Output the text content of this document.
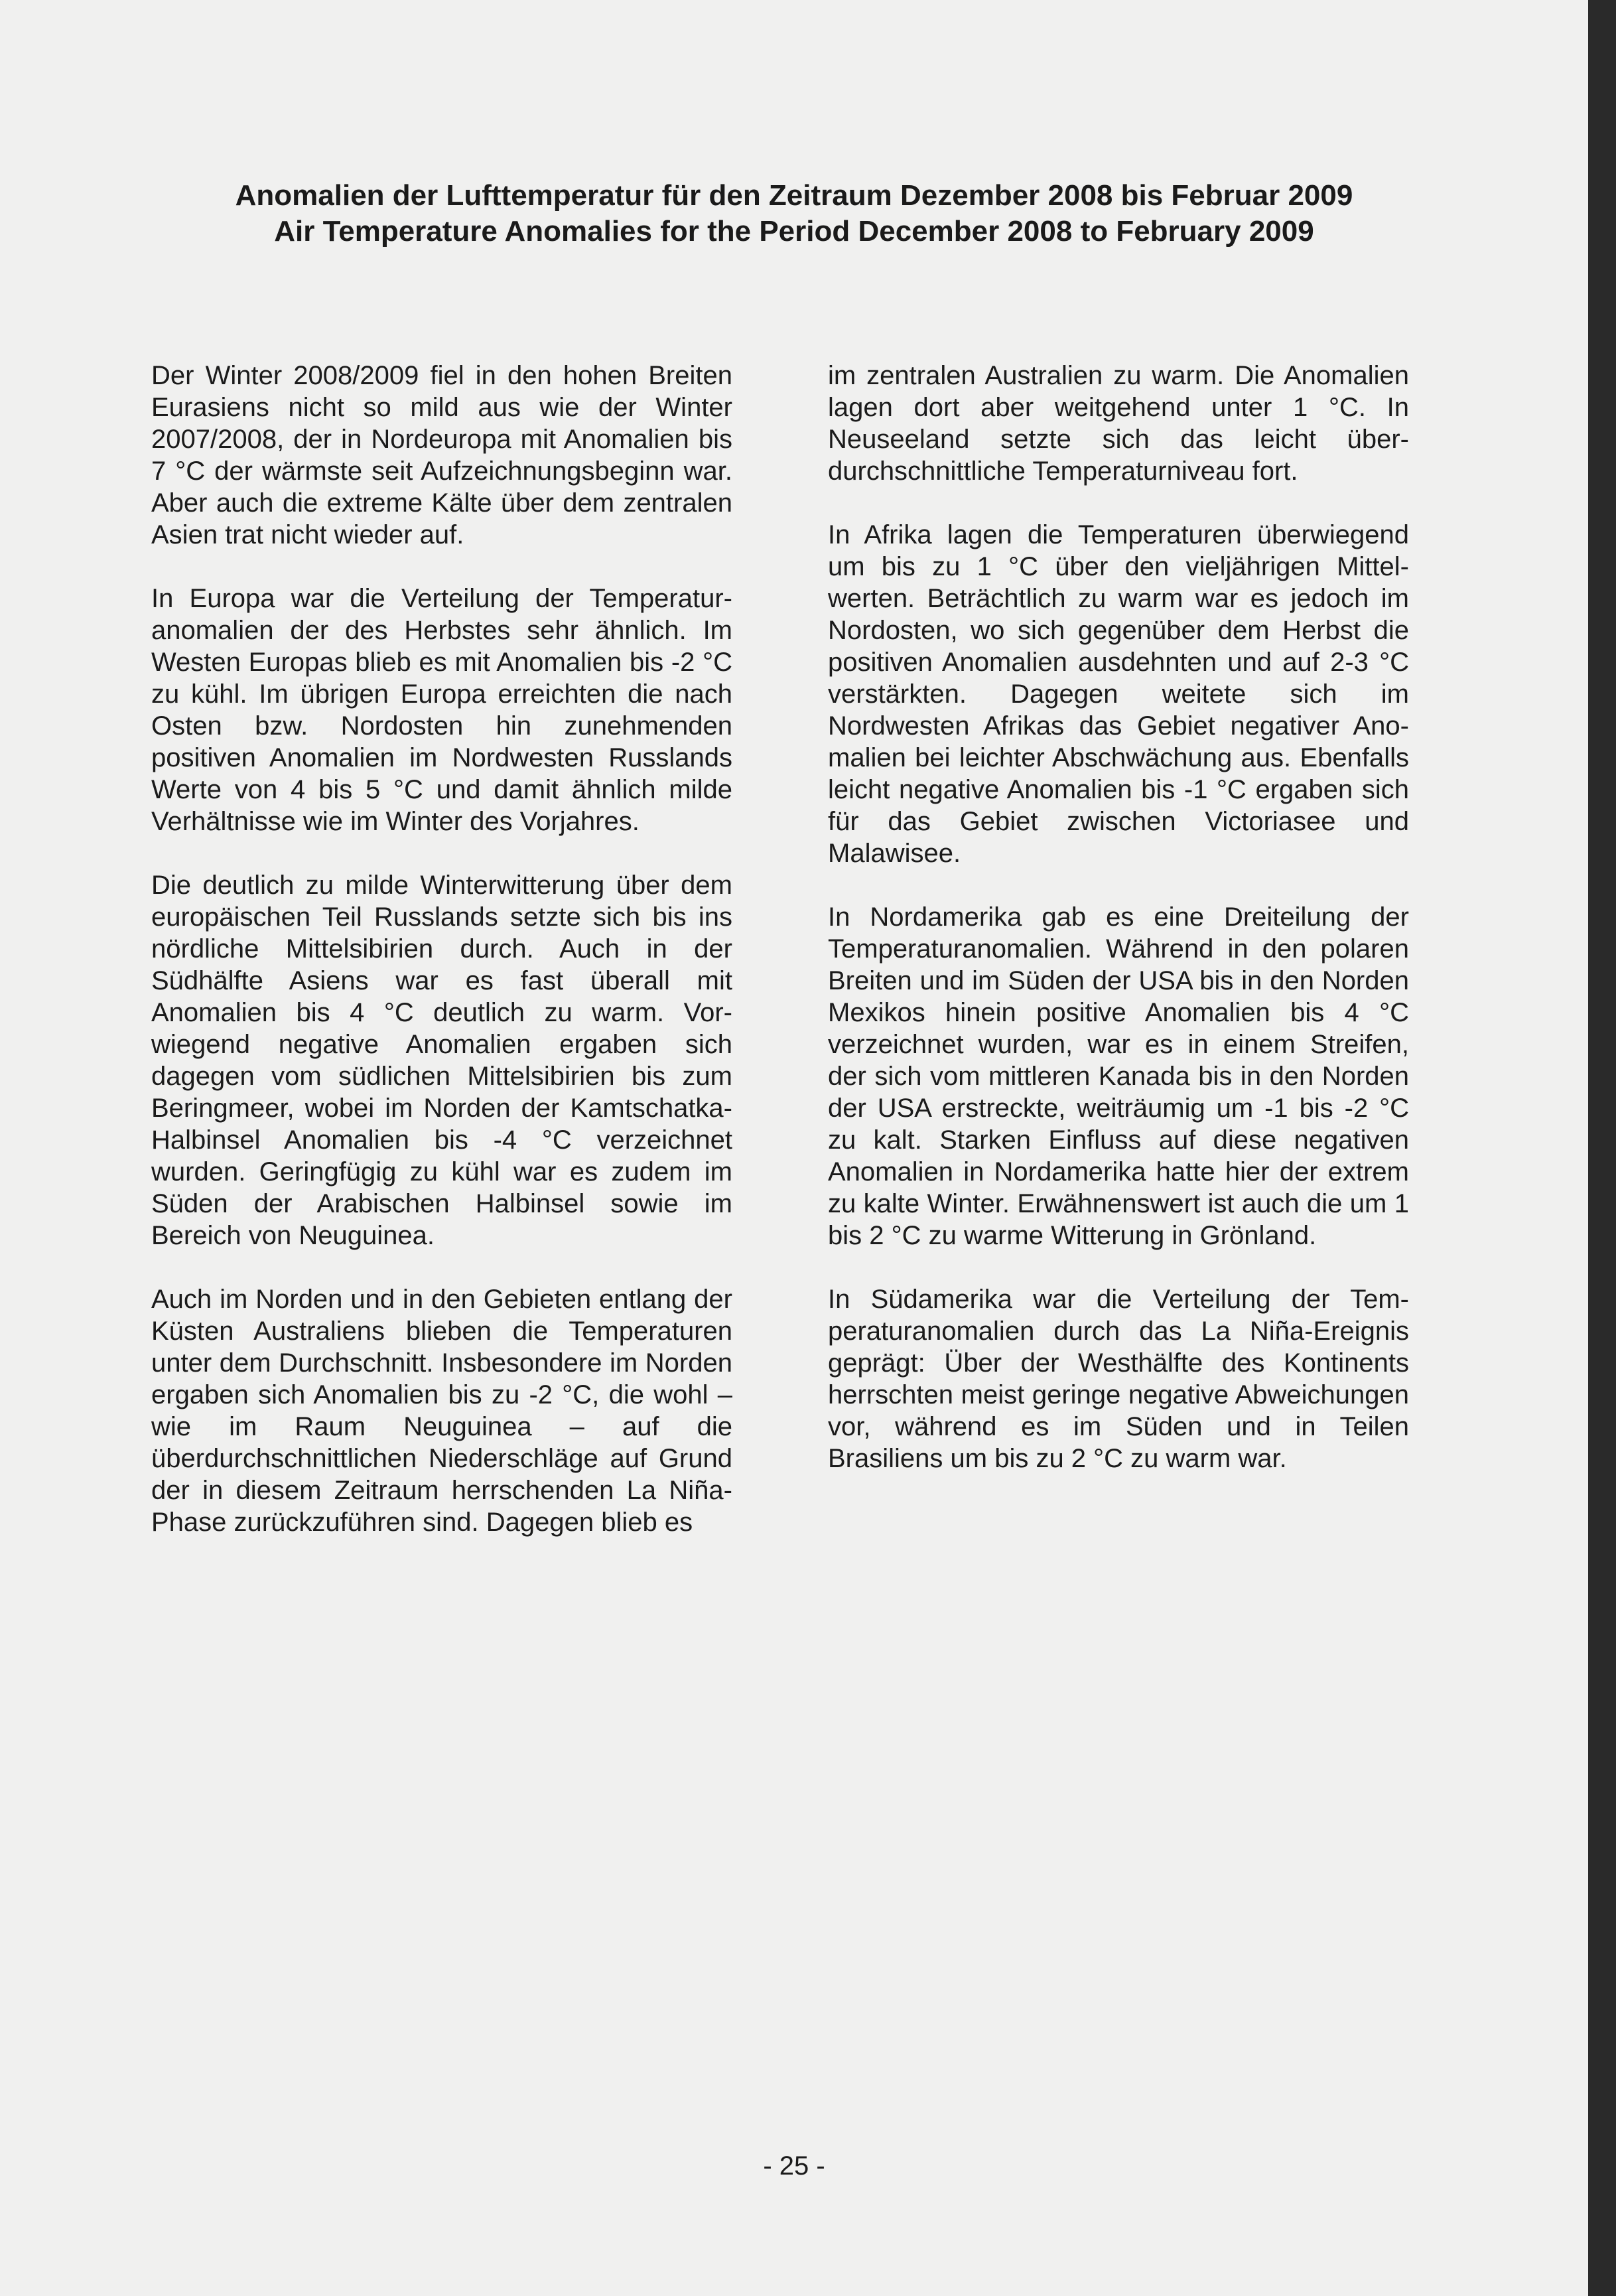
Anomalien der Lufttemperatur für den Zeitraum Dezember 2008 bis Februar 2009

Air Temperature Anomalies for the Period December 2008 to February 2009

Der Winter 2008/2009 fiel in den hohen Breiten Eurasiens nicht so mild aus wie der Winter 2007/2008, der in Nordeuropa mit Anomalien bis 7 °C der wärmste seit Aufzeichnungsbeginn war. Aber auch die extreme Kälte über dem zentralen Asien trat nicht wieder auf.

In Europa war die Verteilung der Temperaturanomalien der des Herbstes sehr ähnlich. Im Westen Europas blieb es mit Anomalien bis -2 °C zu kühl. Im übrigen Europa erreichten die nach Osten bzw. Nordosten hin zunehmenden positiven Anomalien im Nordwesten Russlands Werte von 4 bis 5 °C und damit ähnlich milde Verhältnisse wie im Winter des Vorjahres.

Die deutlich zu milde Winterwitterung über dem europäischen Teil Russlands setzte sich bis ins nördliche Mittelsibirien durch. Auch in der Südhälfte Asiens war es fast überall mit Anomalien bis 4 °C deutlich zu warm. Vorwiegend negative Anomalien ergaben sich dagegen vom südlichen Mittelsibirien bis zum Beringmeer, wobei im Norden der Kamtschatka-Halbinsel Anomalien bis -4 °C verzeichnet wurden. Geringfügig zu kühl war es zudem im Süden der Arabischen Halbinsel sowie im Bereich von Neuguinea.

Auch im Norden und in den Gebieten entlang der Küsten Australiens blieben die Temperaturen unter dem Durchschnitt. Insbesondere im Norden ergaben sich Anomalien bis zu -2 °C, die wohl – wie im Raum Neuguinea – auf die überdurchschnittlichen Niederschläge auf Grund der in diesem Zeitraum herrschenden La Niña-Phase zurückzuführen sind. Dagegen blieb es

im zentralen Australien zu warm. Die Anomalien lagen dort aber weitgehend unter 1 °C. In Neuseeland setzte sich das leicht überdurchschnittliche Temperaturniveau fort.

In Afrika lagen die Temperaturen überwiegend um bis zu 1 °C über den vieljährigen Mittelwerten. Beträchtlich zu warm war es jedoch im Nordosten, wo sich gegenüber dem Herbst die positiven Anomalien ausdehnten und auf 2-3 °C verstärkten. Dagegen weitete sich im Nordwesten Afrikas das Gebiet negativer Anomalien bei leichter Abschwächung aus. Ebenfalls leicht negative Anomalien bis -1 °C ergaben sich für das Gebiet zwischen Victoriasee und Malawisee.

In Nordamerika gab es eine Dreiteilung der Temperaturanomalien. Während in den polaren Breiten und im Süden der USA bis in den Norden Mexikos hinein positive Anomalien bis 4 °C verzeichnet wurden, war es in einem Streifen, der sich vom mittleren Kanada bis in den Norden der USA erstreckte, weiträumig um -1 bis -2 °C zu kalt. Starken Einfluss auf diese negativen Anomalien in Nordamerika hatte hier der extrem zu kalte Winter. Erwähnenswert ist auch die um 1 bis 2 °C zu warme Witterung in Grönland.

In Südamerika war die Verteilung der Temperaturanomalien durch das La Niña-Ereignis geprägt: Über der Westhälfte des Kontinents herrschten meist geringe negative Abweichungen vor, während es im Süden und in Teilen Brasiliens um bis zu 2 °C zu warm war.

- 25 -
